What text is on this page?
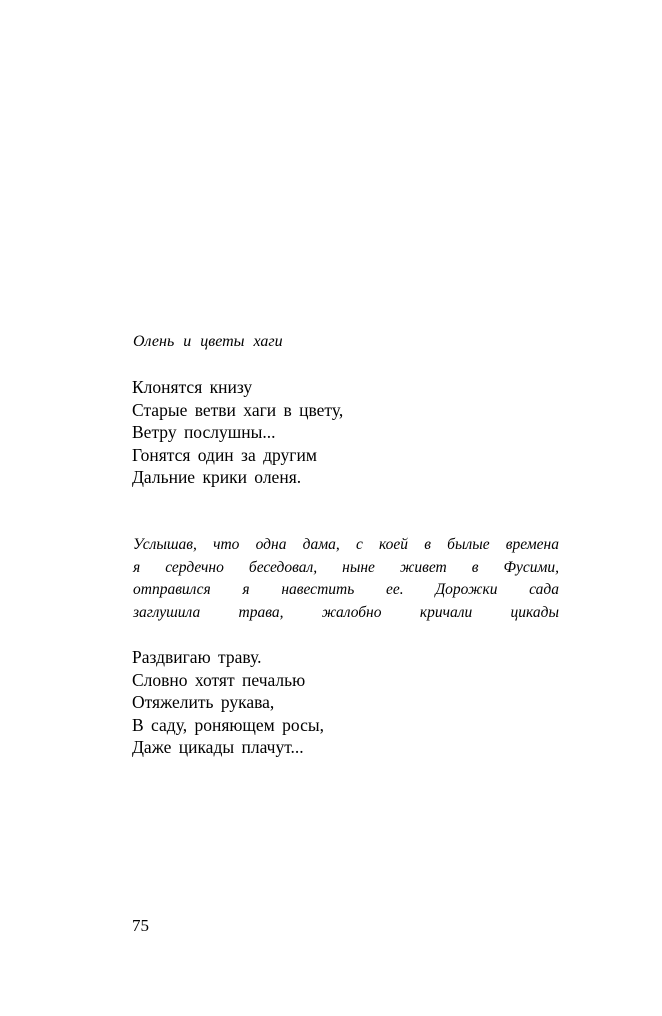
Олень и цветы хаги
Клонятся книзу
Старые ветви хаги в цвету,
Ветру послушны...
Гонятся один за другим
Дальние крики оленя.
Услышав, что одна дама, с коей в былые времена
я сердечно беседовал, ныне живет в Фусими,
отправился я навестить ее. Дорожки сада
заглушила трава, жалобно кричали цикады
Раздвигаю траву.
Словно хотят печалью
Отяжелить рукава,
В саду, роняющем росы,
Даже цикады плачут...
75
